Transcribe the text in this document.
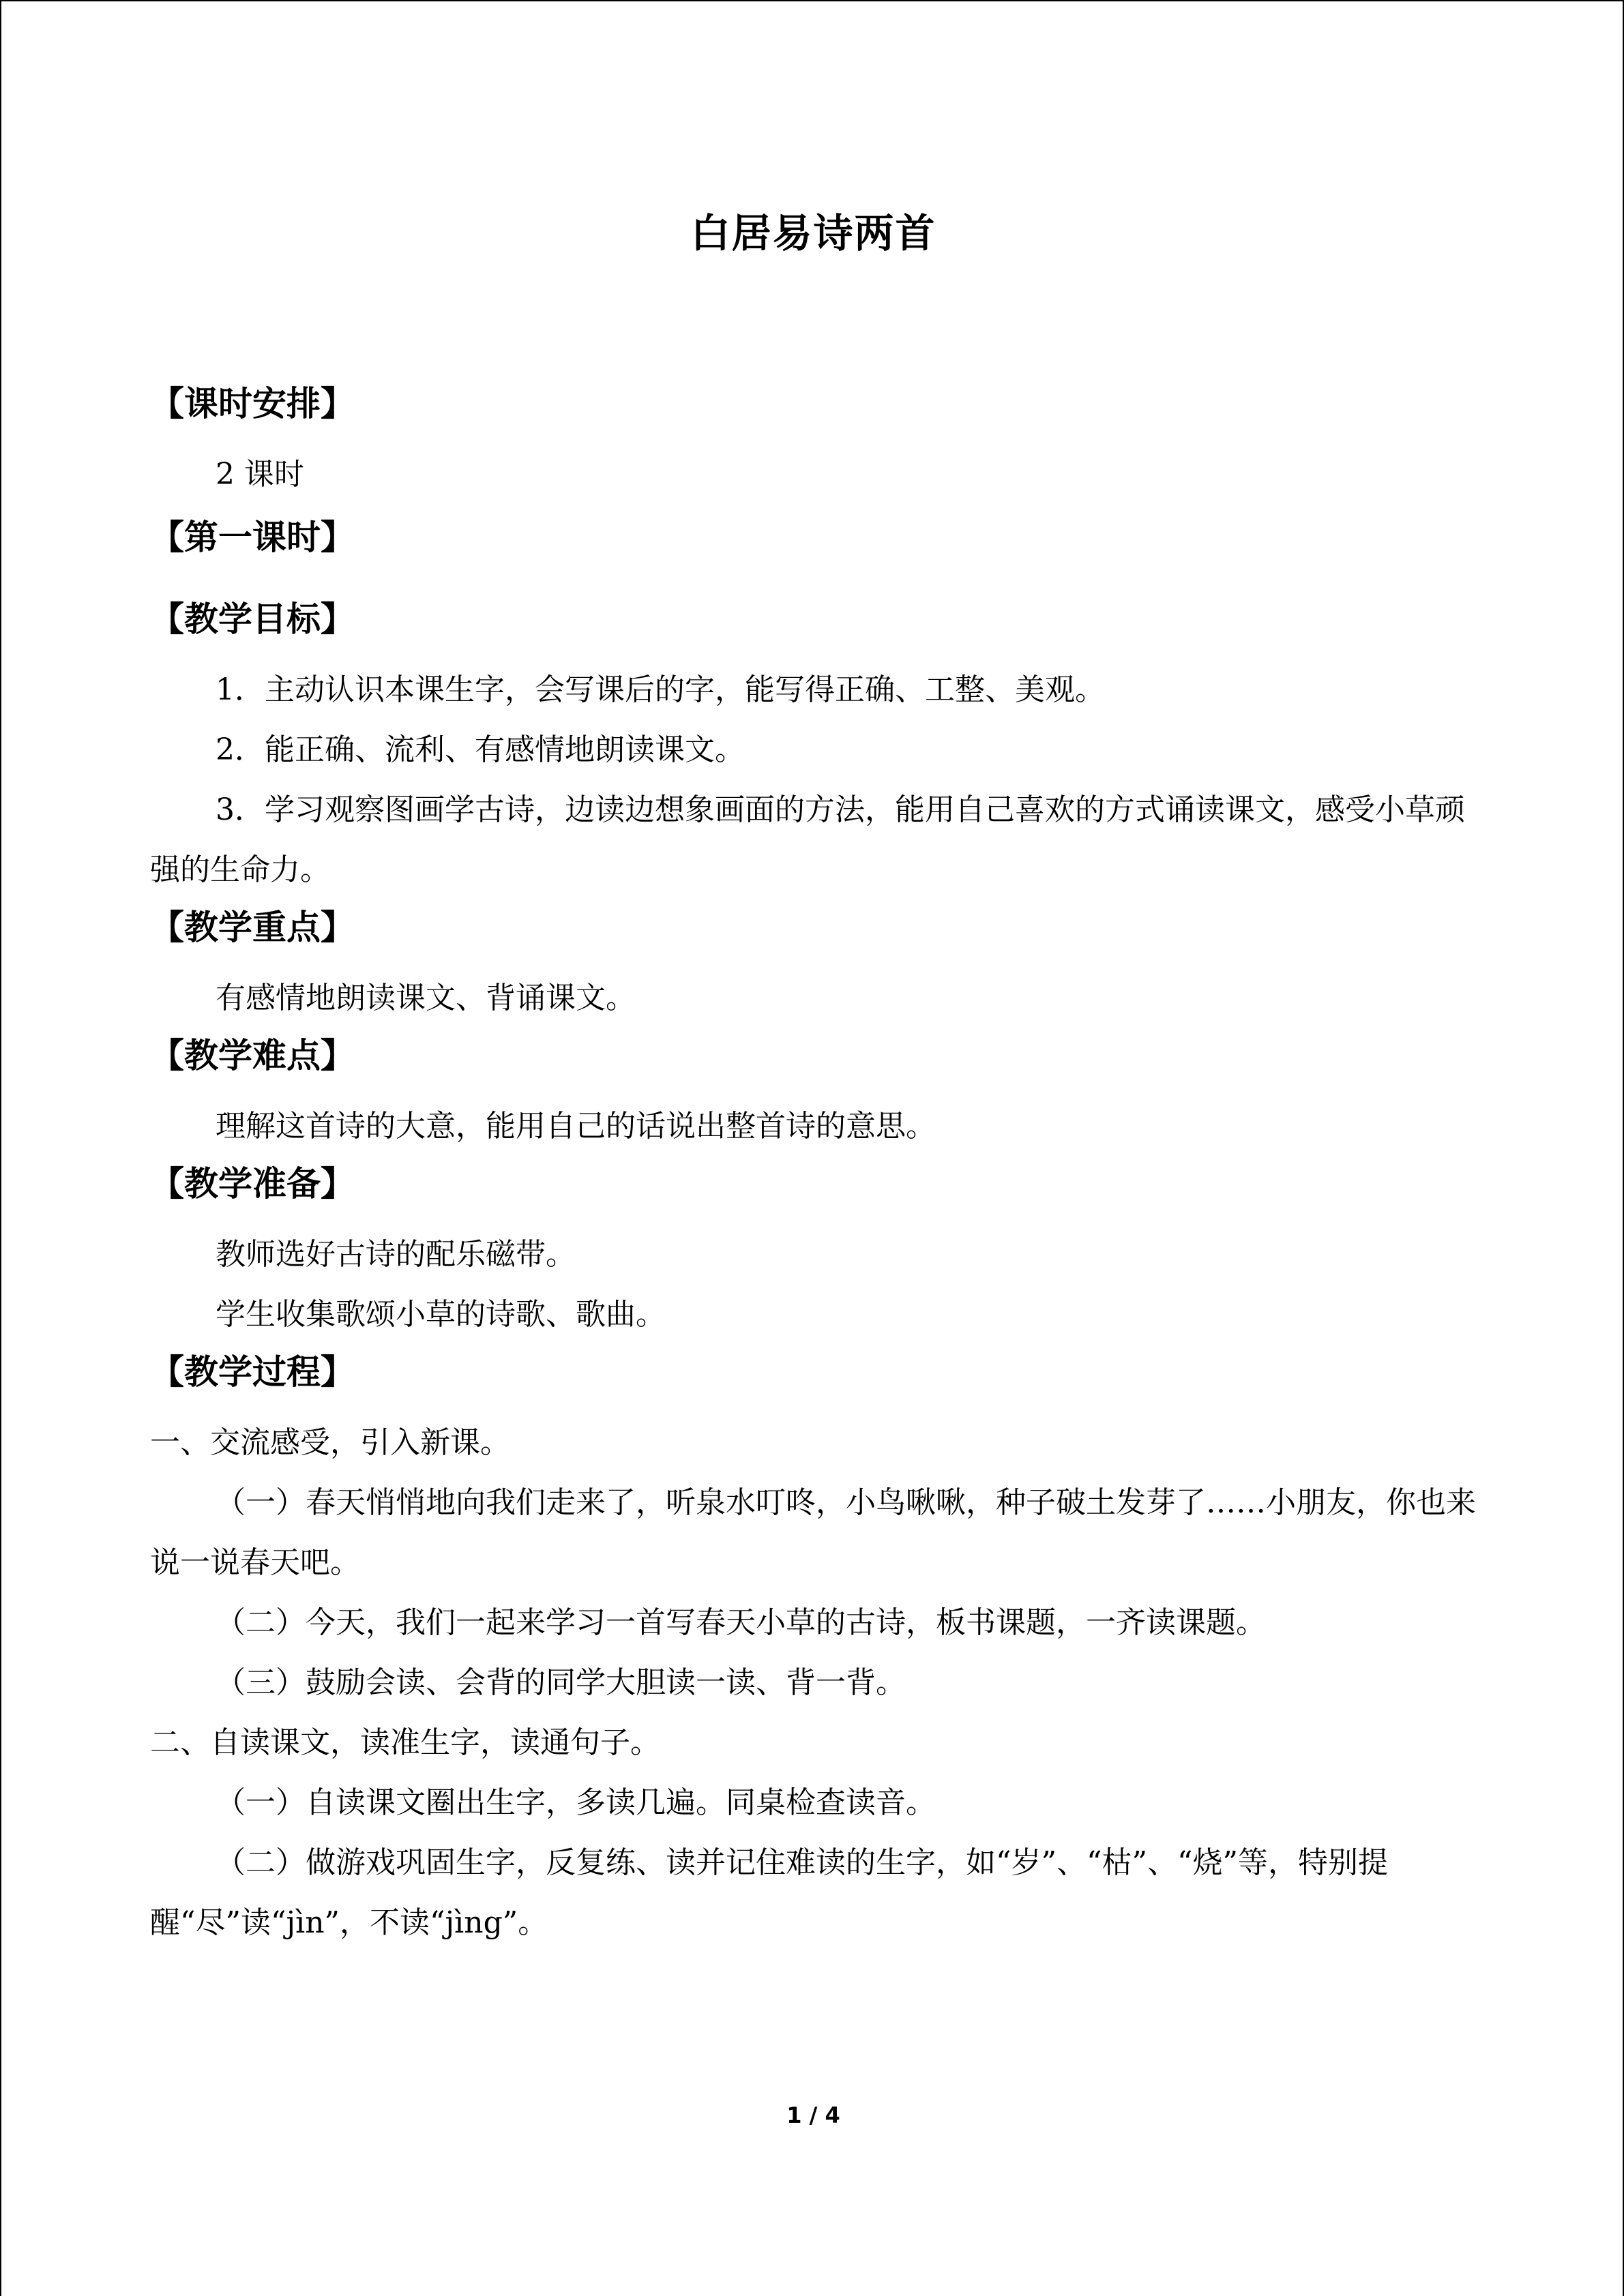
白居易诗两首
【课时安排】

2 课时

【第一课时】
【教学目标】

1．主动认识本课生字，会写课后的字，能写得正确、工整、美观。

2．能正确、流利、有感情地朗读课文。

3．学习观察图画学古诗，边读边想象画面的方法，能用自己喜欢的方式诵读课文，感受小草顽强的生命力。

【教学重点】

有感情地朗读课文、背诵课文。

【教学难点】

理解这首诗的大意，能用自己的话说出整首诗的意思。

【教学准备】

教师选好古诗的配乐磁带。

学生收集歌颂小草的诗歌、歌曲。

【教学过程】

一、交流感受，引入新课。

（一）春天悄悄地向我们走来了，听泉水叮咚，小鸟啾啾，种子破土发芽了……小朋友，你也来说一说春天吧。

（二）今天，我们一起来学习一首写春天小草的古诗，板书课题，一齐读课题。

（三）鼓励会读、会背的同学大胆读一读、背一背。

二、自读课文，读准生字，读通句子。

（一）自读课文圈出生字，多读几遍。同桌检查读音。

（二）做游戏巩固生字，反复练、读并记住难读的生字，如“岁”、“枯”、“烧”等，特别提醒“尽”读“jìn”，不读“jìng”。

1 / 4
